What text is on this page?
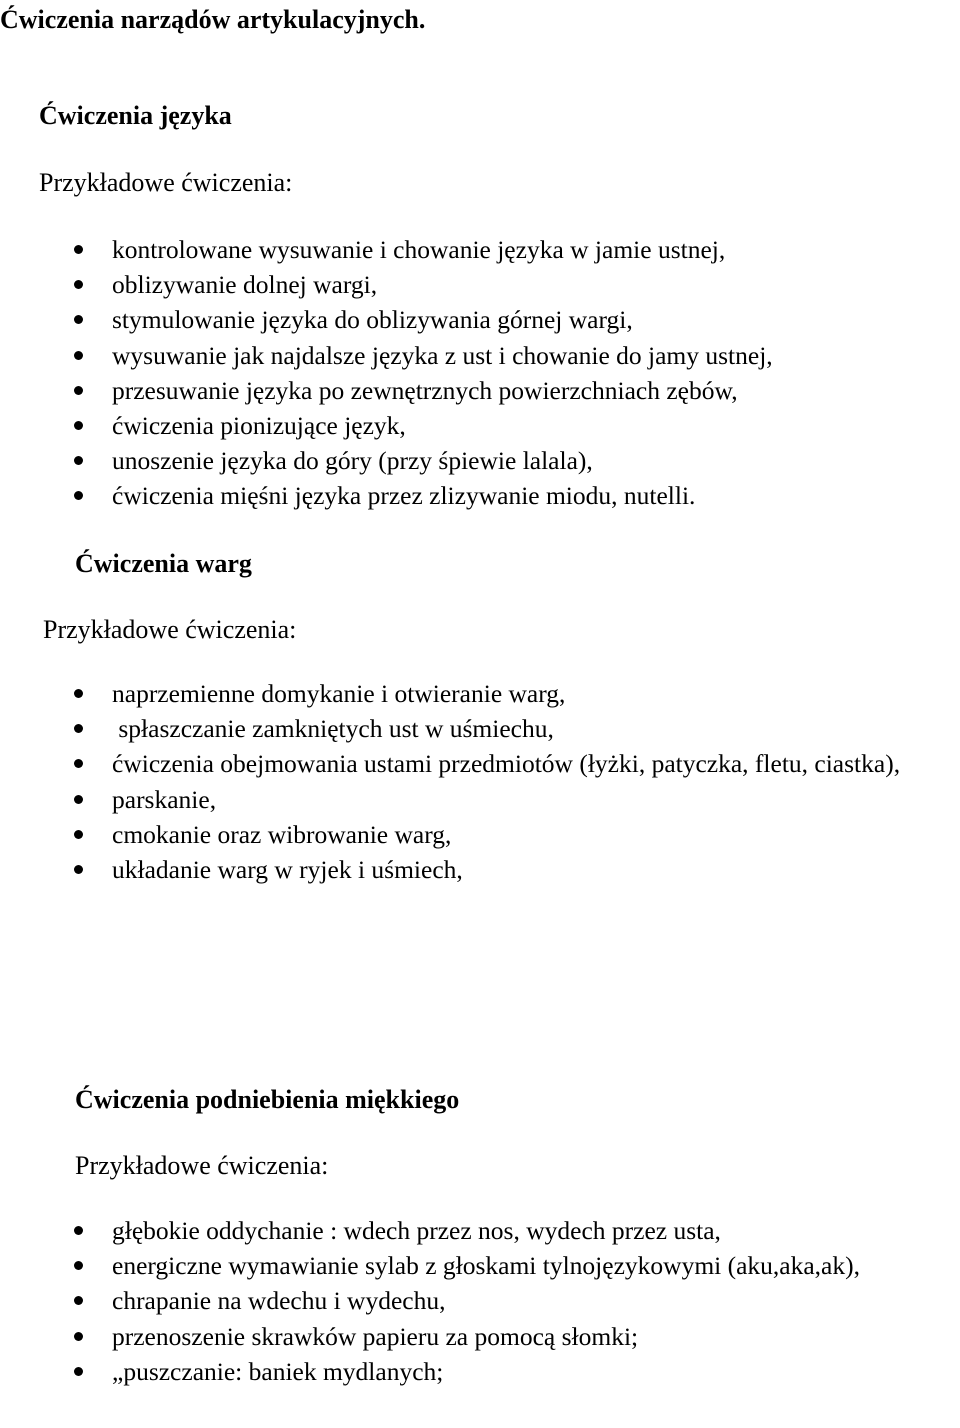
Ćwiczenia narządów artykulacyjnych.
Ćwiczenia języka
Przykładowe ćwiczenia:
kontrolowane wysuwanie i chowanie języka w jamie ustnej,
oblizywanie dolnej wargi,
stymulowanie języka do oblizywania górnej wargi,
wysuwanie jak najdalsze języka z ust i chowanie do jamy ustnej,
przesuwanie języka po zewnętrznych powierzchniach zębów,
ćwiczenia pionizujące język,
unoszenie języka do góry (przy śpiewie lalala),
ćwiczenia mięśni języka przez zlizywanie miodu, nutelli.
Ćwiczenia warg
Przykładowe ćwiczenia:
naprzemienne domykanie i otwieranie warg,
spłaszczanie zamkniętych ust w uśmiechu,
ćwiczenia obejmowania ustami przedmiotów (łyżki, patyczka, fletu, ciastka),
parskanie,
cmokanie oraz wibrowanie warg,
układanie warg w ryjek i uśmiech,
Ćwiczenia podniebienia miękkiego
Przykładowe ćwiczenia:
głębokie oddychanie : wdech przez nos, wydech przez usta,
energiczne wymawianie sylab z głoskami tylnojęzykowymi (aku,aka,ak),
chrapanie na wdechu i wydechu,
przenoszenie skrawków papieru za pomocą słomki;
„puszczanie: baniek mydlanych;
